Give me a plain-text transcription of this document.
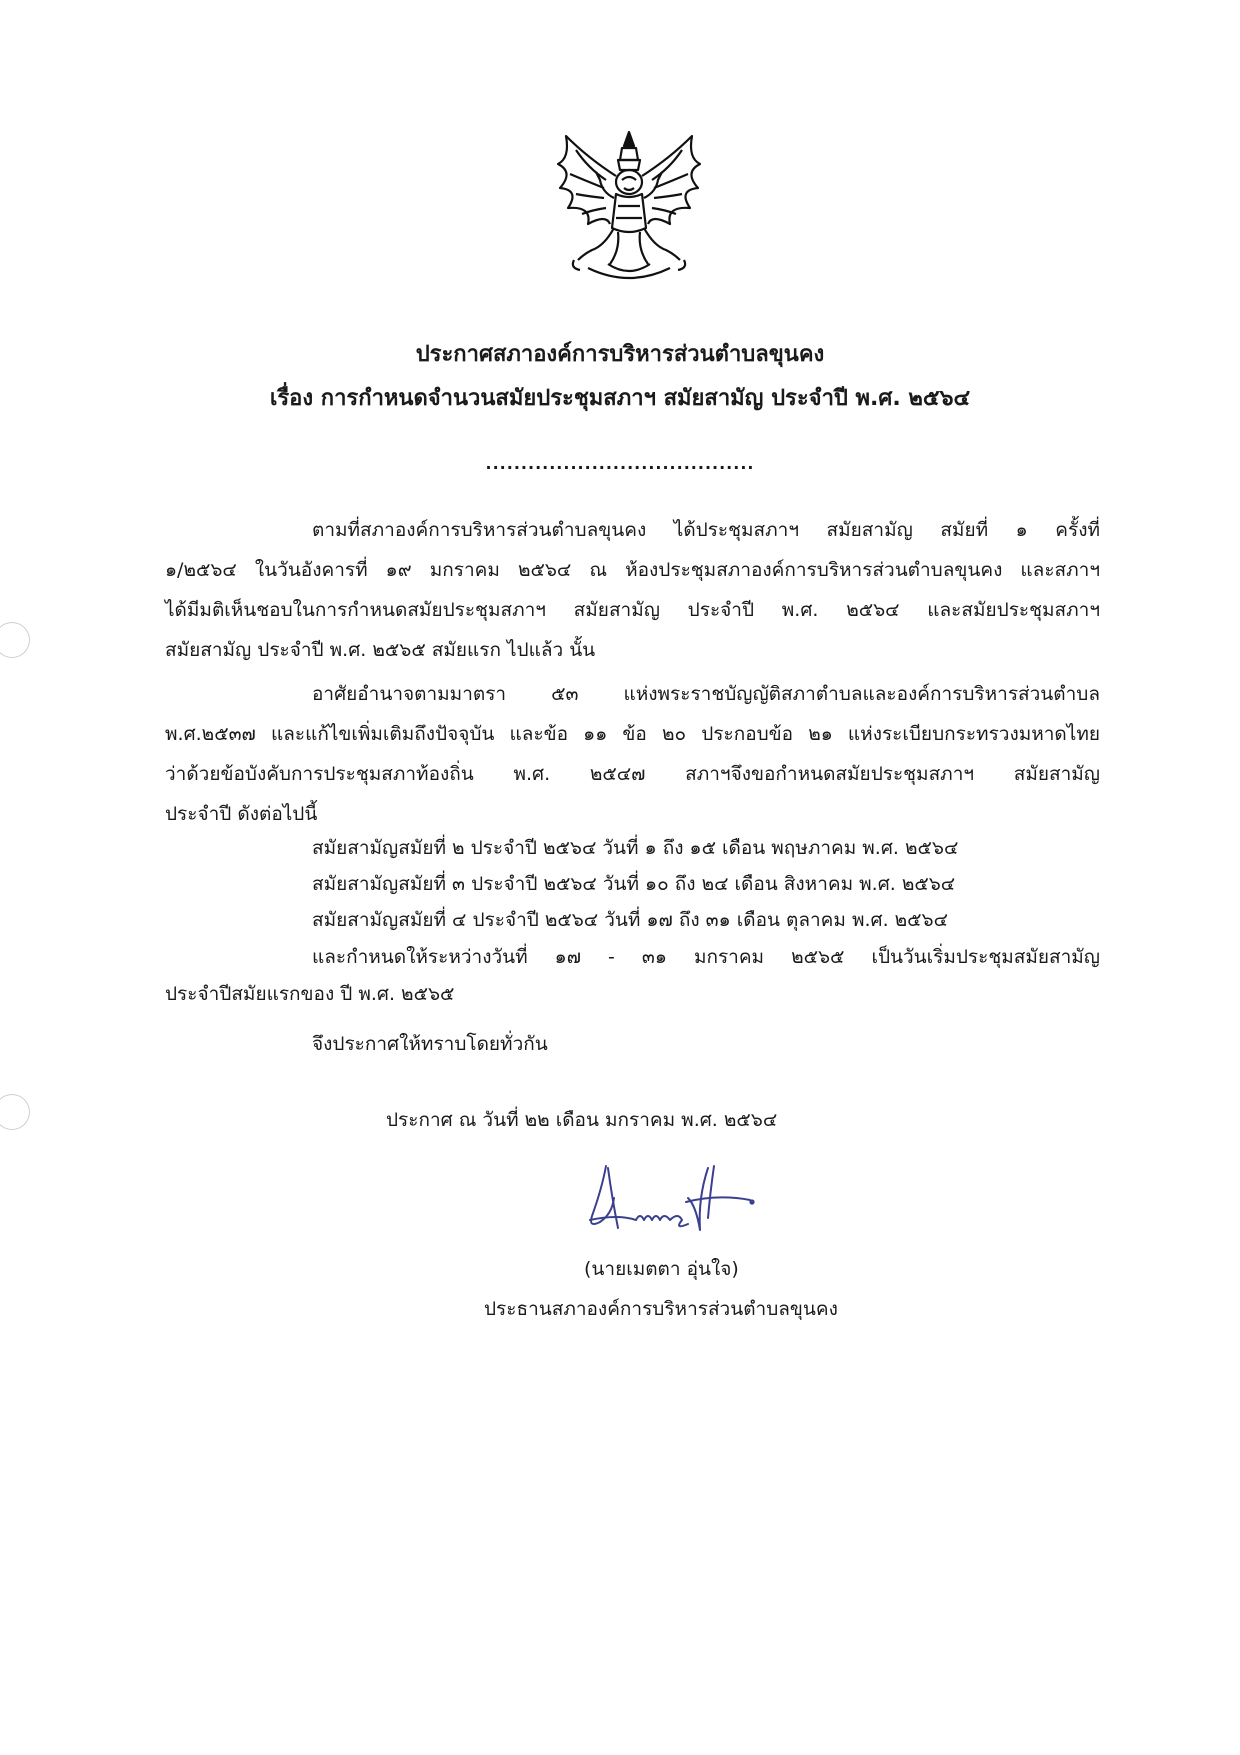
ประกาศสภาองค์การบริหารส่วนตำบลขุนคง
เรื่อง การกำหนดจำนวนสมัยประชุมสภาฯ สมัยสามัญ ประจำปี พ.ศ. ๒๕๖๔
......................................
ตามที่สภาองค์การบริหารส่วนตำบลขุนคง ได้ประชุมสภาฯ สมัยสามัญ สมัยที่ ๑ ครั้งที่
๑/๒๕๖๔ ในวันอังคารที่ ๑๙ มกราคม ๒๕๖๔ ณ ห้องประชุมสภาองค์การบริหารส่วนตำบลขุนคง และสภาฯ
ได้มีมติเห็นชอบในการกำหนดสมัยประชุมสภาฯ สมัยสามัญ ประจำปี พ.ศ. ๒๕๖๔ และสมัยประชุมสภาฯ
สมัยสามัญ ประจำปี พ.ศ. ๒๕๖๕ สมัยแรก ไปแล้ว นั้น
อาศัยอำนาจตามมาตรา ๕๓ แห่งพระราชบัญญัติสภาตำบลและองค์การบริหารส่วนตำบล
พ.ศ.๒๕๓๗ และแก้ไขเพิ่มเติมถึงปัจจุบัน และข้อ ๑๑ ข้อ ๒๐ ประกอบข้อ ๒๑ แห่งระเบียบกระทรวงมหาดไทย
ว่าด้วยข้อบังคับการประชุมสภาท้องถิ่น พ.ศ. ๒๕๔๗ สภาฯจึงขอกำหนดสมัยประชุมสภาฯ สมัยสามัญ
ประจำปี ดังต่อไปนี้
สมัยสามัญสมัยที่ ๒ ประจำปี ๒๕๖๔ วันที่ ๑ ถึง ๑๕ เดือน พฤษภาคม พ.ศ. ๒๕๖๔
สมัยสามัญสมัยที่ ๓ ประจำปี ๒๕๖๔ วันที่ ๑๐ ถึง ๒๔ เดือน สิงหาคม พ.ศ. ๒๕๖๔
สมัยสามัญสมัยที่ ๔ ประจำปี ๒๕๖๔ วันที่ ๑๗ ถึง ๓๑ เดือน ตุลาคม พ.ศ. ๒๕๖๔
และกำหนดให้ระหว่างวันที่ ๑๗ - ๓๑ มกราคม ๒๕๖๕ เป็นวันเริ่มประชุมสมัยสามัญ
ประจำปีสมัยแรกของ ปี พ.ศ. ๒๕๖๕
จึงประกาศให้ทราบโดยทั่วกัน
ประกาศ ณ วันที่ ๒๒ เดือน มกราคม พ.ศ. ๒๕๖๔
(นายเมตตา อุ่นใจ)
ประธานสภาองค์การบริหารส่วนตำบลขุนคง
